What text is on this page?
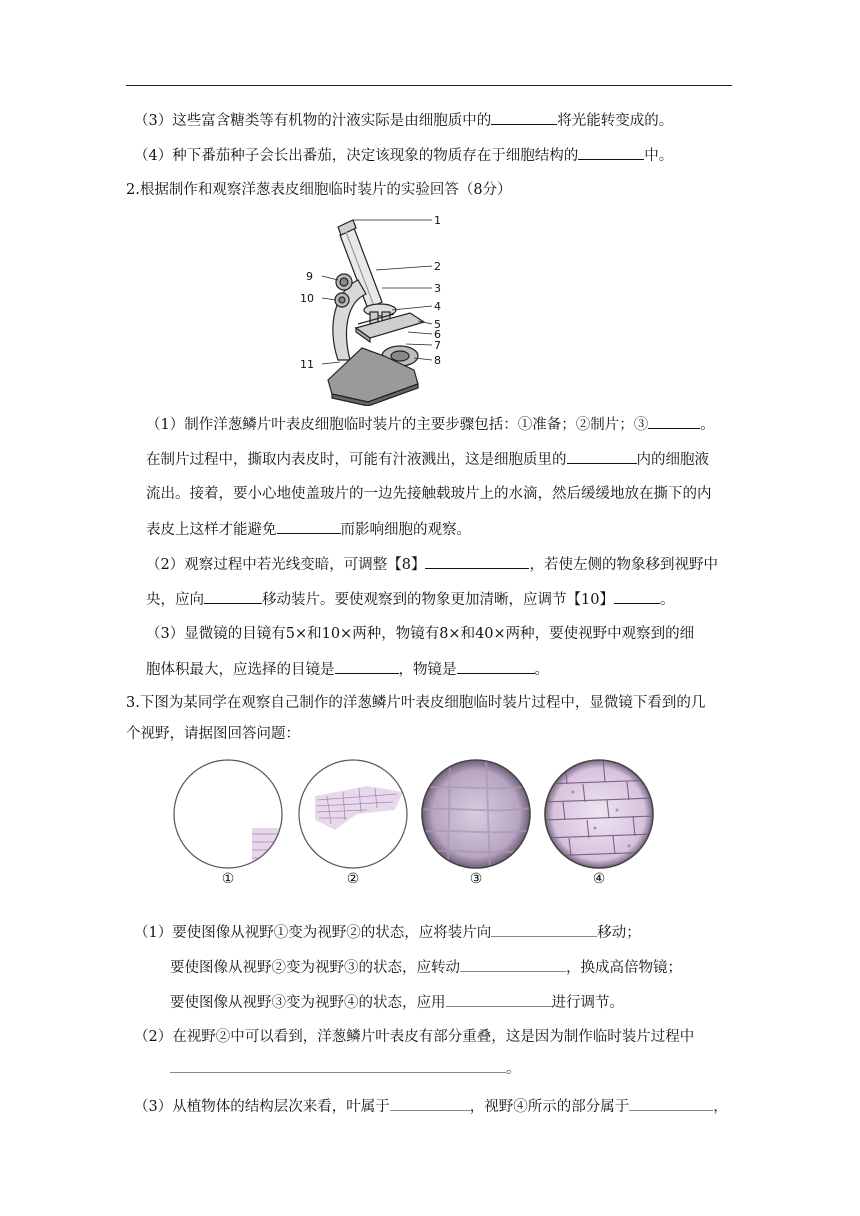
（3）这些富含糖类等有机物的汁液实际是由细胞质中的	将光能转变成的。
（4）种下番茄种子会长出番茄，决定该现象的物质存在于细胞结构的	中。
2.根据制作和观察洋葱表皮细胞临时装片的实验回答（8分）
1
2
3
4
5
6
7
8
9
10
11
（1）制作洋葱鳞片叶表皮细胞临时装片的主要步骤包括：①准备；②制片；③	。
在制片过程中，撕取内表皮时，可能有汁液溅出，这是细胞质里的	内的细胞液
流出。接着，要小心地使盖玻片的一边先接触载玻片上的水滴，然后缓缓地放在撕下的内
表皮上这样才能避免	而影响细胞的观察。
（2）观察过程中若光线变暗，可调整【8】	，若使左侧的物象移到视野中
央，应向	移动装片。要使观察到的物象更加清晰，应调节【10】	。
（3）显微镜的目镜有5×和10×两种，物镜有8×和40×两种，要使视野中观察到的细
胞体积最大，应选择的目镜是	，物镜是	。
3.下图为某同学在观察自己制作的洋葱鳞片叶表皮细胞临时装片过程中，显微镜下看到的几
个视野，请据图回答问题：
①	②	③	④
（1）要使图像从视野①变为视野②的状态，应将装片向	移动；
要使图像从视野②变为视野③的状态，应转动	，换成高倍物镜；
要使图像从视野③变为视野④的状态，应用	进行调节。
（2）在视野②中可以看到，洋葱鳞片叶表皮有部分重叠，这是因为制作临时装片过程中
。
（3）从植物体的结构层次来看，叶属于	，视野④所示的部分属于	，
